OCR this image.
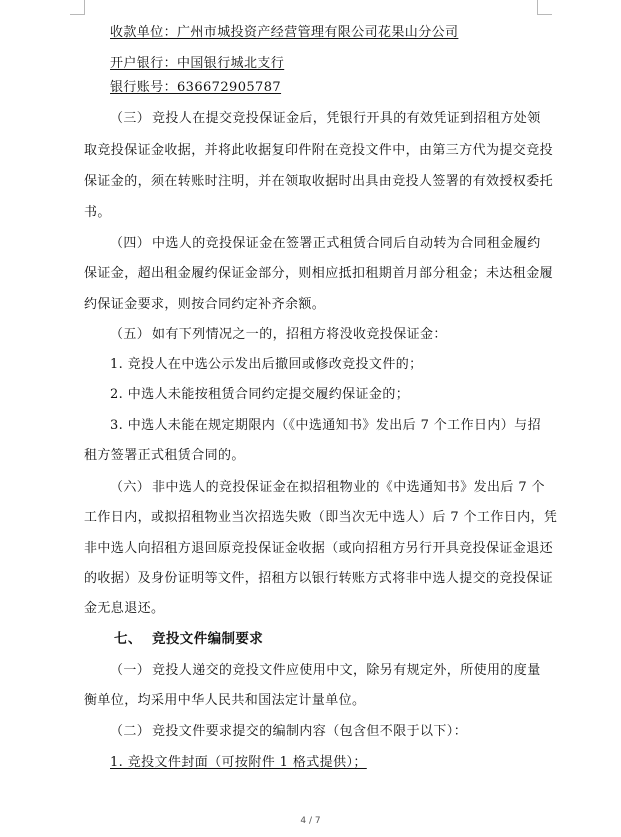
收款单位：广州市城投资产经营管理有限公司花果山分公司
开户银行：中国银行城北支行
银行账号：636672905787
（三） 竞投人在提交竞投保证金后，凭银行开具的有效凭证到招租方处领
取竞投保证金收据，并将此收据复印件附在竞投文件中，由第三方代为提交竞投
保证金的，须在转账时注明，并在领取收据时出具由竞投人签署的有效授权委托
书。
（四） 中选人的竞投保证金在签署正式租赁合同后自动转为合同租金履约
保证金，超出租金履约保证金部分，则相应抵扣租期首月部分租金；未达租金履
约保证金要求，则按合同约定补齐余额。
（五） 如有下列情况之一的，招租方将没收竞投保证金：
1. 竞投人在中选公示发出后撤回或修改竞投文件的；
2. 中选人未能按租赁合同约定提交履约保证金的；
3. 中选人未能在规定期限内（《中选通知书》发出后 7 个工作日内）与招
租方签署正式租赁合同的。
（六） 非中选人的竞投保证金在拟招租物业的《中选通知书》发出后 7 个
工作日内，或拟招租物业当次招选失败（即当次无中选人）后 7 个工作日内，凭
非中选人向招租方退回原竞投保证金收据（或向招租方另行开具竞投保证金退还
的收据）及身份证明等文件，招租方以银行转账方式将非中选人提交的竞投保证
金无息退还。
七、 竞投文件编制要求
（一） 竞投人递交的竞投文件应使用中文，除另有规定外，所使用的度量
衡单位，均采用中华人民共和国法定计量单位。
（二） 竞投文件要求提交的编制内容（包含但不限于以下）：
1. 竞投文件封面（可按附件 1 格式提供）；
4 / 7
